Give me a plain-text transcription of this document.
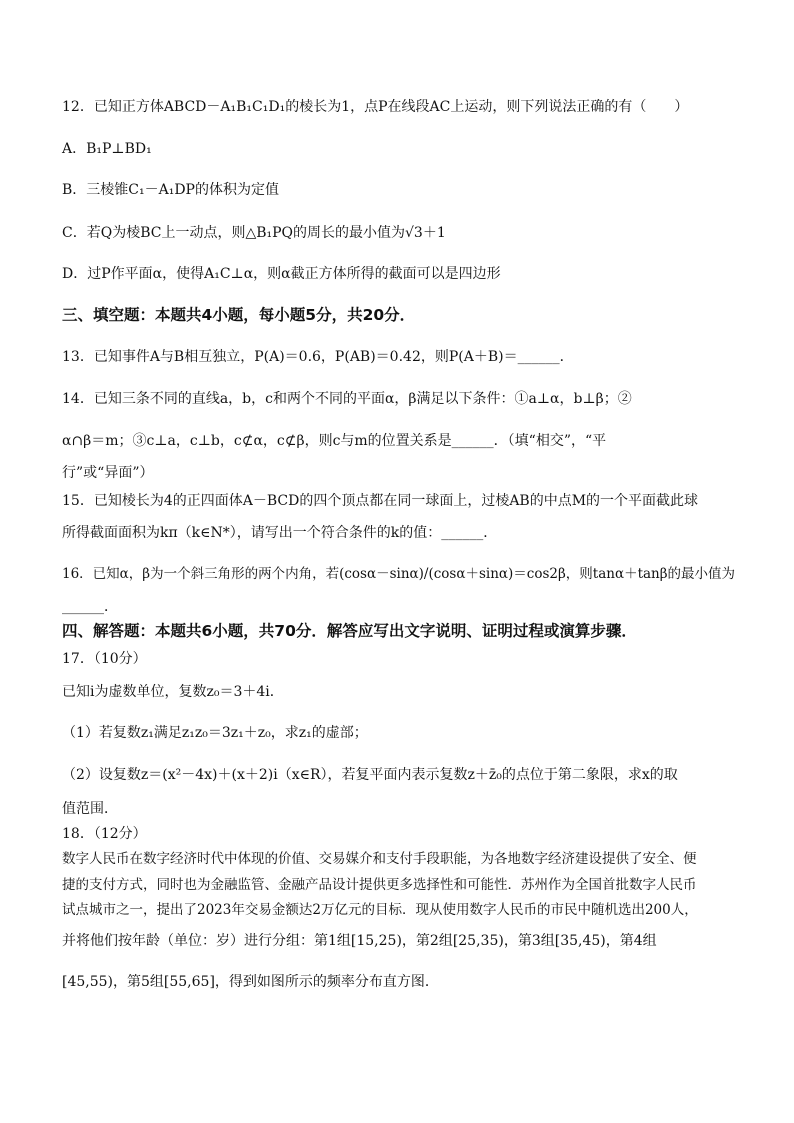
12．已知正方体ABCD－A₁B₁C₁D₁的棱长为1，点P在线段AC上运动，则下列说法正确的有（　　）
A．B₁P⊥BD₁
B．三棱锥C₁－A₁DP的体积为定值
C．若Q为棱BC上一动点，则△B₁PQ的周长的最小值为√3＋1
D．过P作平面α，使得A₁C⊥α，则α截正方体所得的截面可以是四边形
三、填空题：本题共4小题，每小题5分，共20分．
13．已知事件A与B相互独立，P(A)＝0.6，P(AB)＝0.42，则P(A＋B)＝______．
14．已知三条不同的直线a，b，c和两个不同的平面α，β满足以下条件：①a⊥α，b⊥β；②
α∩β＝m；③c⊥a，c⊥b，c⊄α，c⊄β，则c与m的位置关系是______．（填“相交”，“平
行”或“异面”）
15．已知棱长为4的正四面体A－BCD的四个顶点都在同一球面上，过棱AB的中点M的一个平面截此球
所得截面面积为kπ（k∈N*），请写出一个符合条件的k的值：______．
16．已知α，β为一个斜三角形的两个内角，若(cosα－sinα)/(cosα＋sinα)＝cos2β，则tanα＋tanβ的最小值为
______．
四、解答题：本题共6小题，共70分．解答应写出文字说明、证明过程或演算步骤．
17．（10分）
已知i为虚数单位，复数z₀＝3＋4i．
（1）若复数z₁满足z₁z₀＝3z₁＋z₀，求z₁的虚部；
（2）设复数z＝(x²－4x)＋(x＋2)i（x∈R），若复平面内表示复数z＋z̄₀的点位于第二象限，求x的取
值范围．
18．（12分）
数字人民币在数字经济时代中体现的价值、交易媒介和支付手段职能，为各地数字经济建设提供了安全、便
捷的支付方式，同时也为金融监管、金融产品设计提供更多选择性和可能性．苏州作为全国首批数字人民币
试点城市之一，提出了2023年交易金额达2万亿元的目标．现从使用数字人民币的市民中随机选出200人，
并将他们按年龄（单位：岁）进行分组：第1组[15,25)，第2组[25,35)，第3组[35,45)，第4组
[45,55)，第5组[55,65]，得到如图所示的频率分布直方图．
